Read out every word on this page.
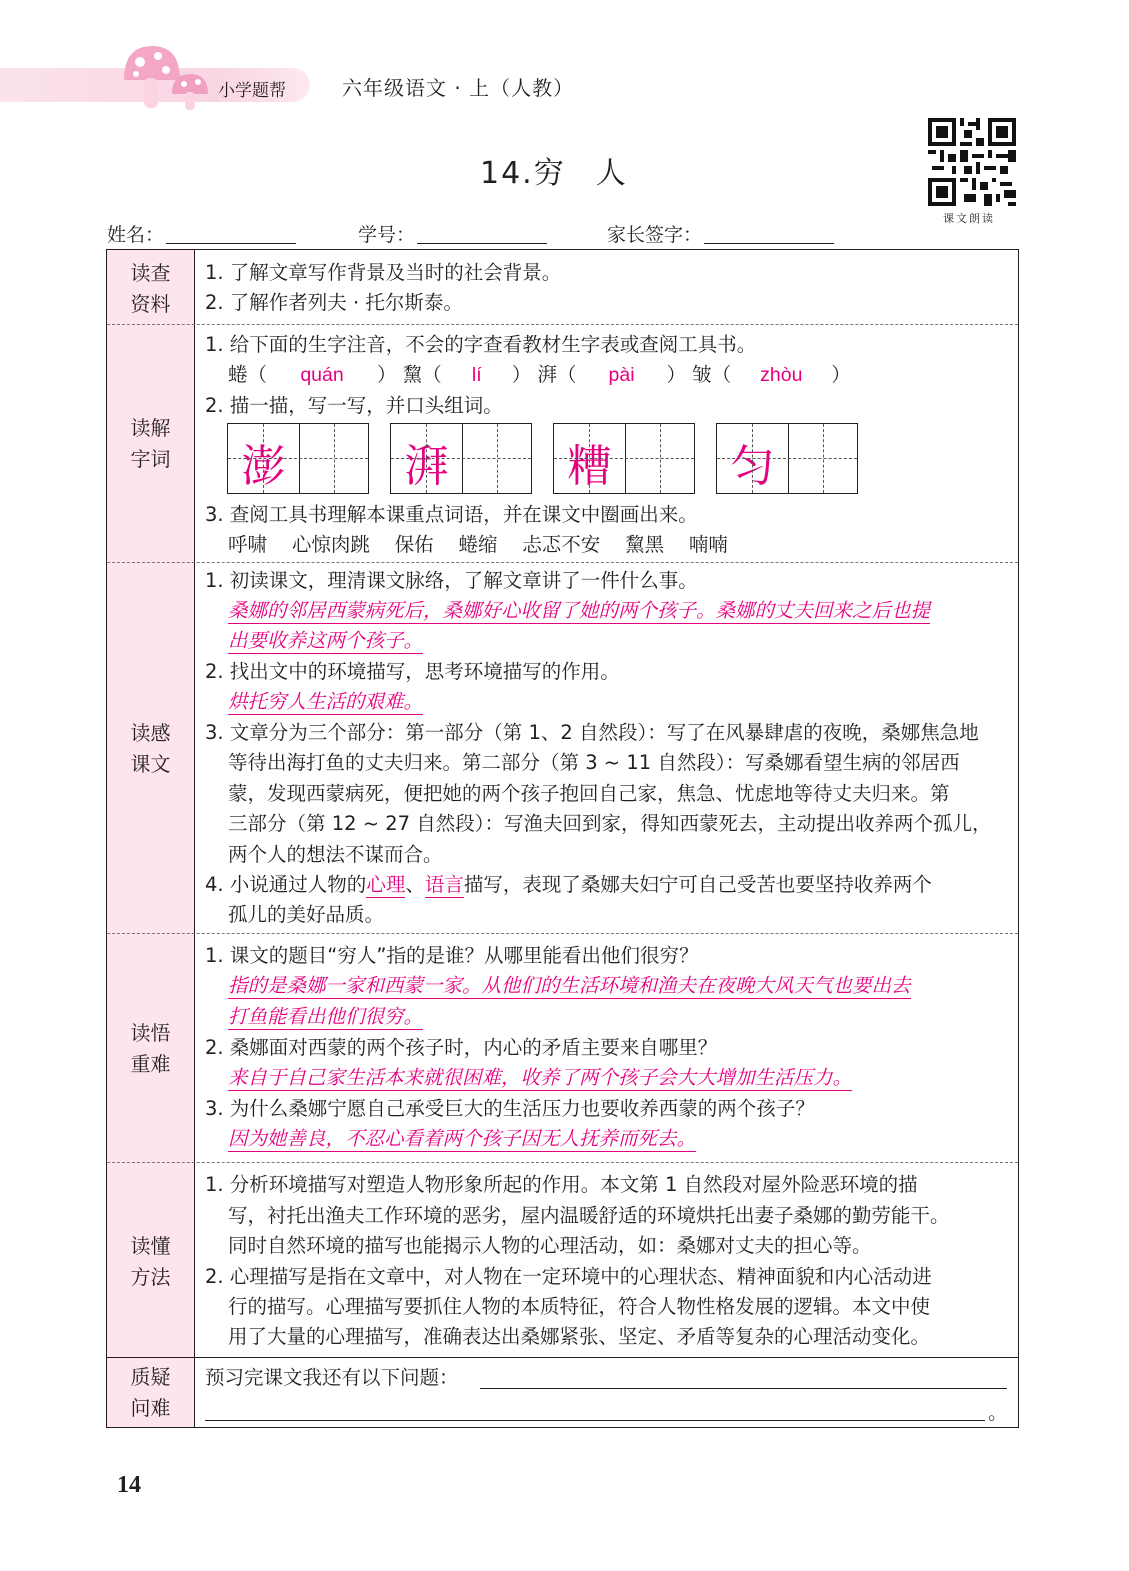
小学题帮	六年级语文 · 上（人教）
14.穷 人
课文朗读
姓名：	学号：	家长签字：
读查
资料
1. 了解文章写作背景及当时的社会背景。
2. 了解作者列夫 · 托尔斯泰。
读解
字词
1. 给下面的生字注音，不会的字查看教材生字表或查阅工具书。
蜷（ quán ） 黧（ lí ） 湃（ pài ） 皱（ zhòu ）
2. 描一描，写一写，并口头组词。
澎	湃	糟	匀
3. 查阅工具书理解本课重点词语，并在课文中圈画出来。
呼啸 心惊肉跳 保佑 蜷缩 忐忑不安 黧黑 喃喃
读感
课文
1. 初读课文，理清课文脉络，了解文章讲了一件什么事。
桑娜的邻居西蒙病死后，桑娜好心收留了她的两个孩子。桑娜的丈夫回来之后也提
出要收养这两个孩子。
2. 找出文中的环境描写，思考环境描写的作用。
烘托穷人生活的艰难。
3. 文章分为三个部分：第一部分（第 1、2 自然段）：写了在风暴肆虐的夜晚，桑娜焦急地
等待出海打鱼的丈夫归来。第二部分（第 3 ~ 11 自然段）：写桑娜看望生病的邻居西
蒙，发现西蒙病死，便把她的两个孩子抱回自己家，焦急、忧虑地等待丈夫归来。第
三部分（第 12 ~ 27 自然段）：写渔夫回到家，得知西蒙死去，主动提出收养两个孤儿，
两个人的想法不谋而合。
4. 小说通过人物的心理、语言描写，表现了桑娜夫妇宁可自己受苦也要坚持收养两个
孤儿的美好品质。
读悟
重难
1. 课文的题目“穷人”指的是谁？从哪里能看出他们很穷？
指的是桑娜一家和西蒙一家。从他们的生活环境和渔夫在夜晚大风天气也要出去
打鱼能看出他们很穷。
2. 桑娜面对西蒙的两个孩子时，内心的矛盾主要来自哪里？
来自于自己家生活本来就很困难，收养了两个孩子会大大增加生活压力。
3. 为什么桑娜宁愿自己承受巨大的生活压力也要收养西蒙的两个孩子？
因为她善良，不忍心看着两个孩子因无人抚养而死去。
读懂
方法
1. 分析环境描写对塑造人物形象所起的作用。本文第 1 自然段对屋外险恶环境的描
写，衬托出渔夫工作环境的恶劣，屋内温暖舒适的环境烘托出妻子桑娜的勤劳能干。
同时自然环境的描写也能揭示人物的心理活动，如：桑娜对丈夫的担心等。
2. 心理描写是指在文章中，对人物在一定环境中的心理状态、精神面貌和内心活动进
行的描写。心理描写要抓住人物的本质特征，符合人物性格发展的逻辑。本文中使
用了大量的心理描写，准确表达出桑娜紧张、坚定、矛盾等复杂的心理活动变化。
质疑
问难
预习完课文我还有以下问题：
。
14
